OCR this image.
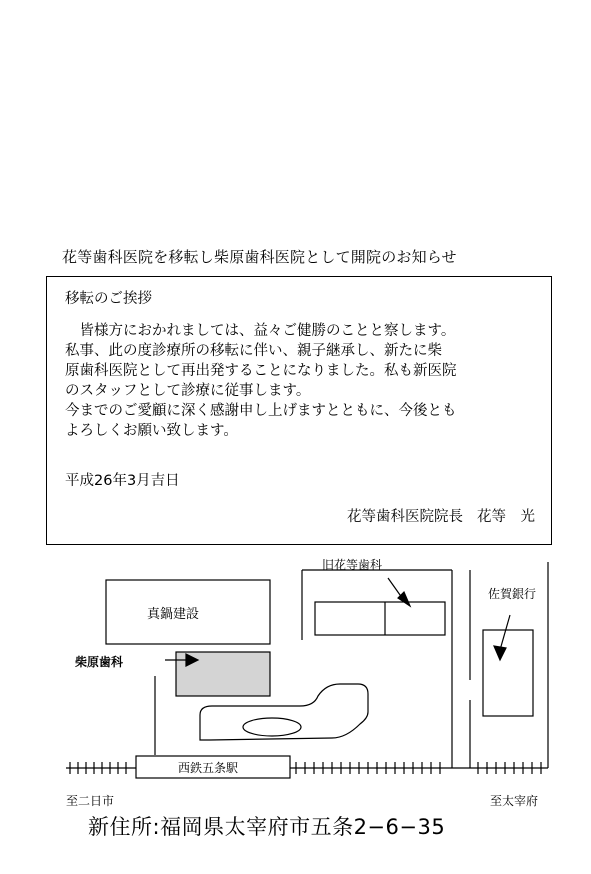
花等歯科医院を移転し柴原歯科医院として開院のお知らせ
移転のご挨拶
　皆様方におかれましては、益々ご健勝のことと察します。
私事、此の度診療所の移転に伴い、親子継承し、新たに柴
原歯科医院として再出発することになりました。私も新医院
のスタッフとして診療に従事します。
今までのご愛顧に深く感謝申し上げますとともに、今後とも
よろしくお願い致します。
平成26年3月吉日
花等歯科医院院長 花等　光
旧花等歯科
佐賀銀行
真鍋建設
柴原歯科
西鉄五条駅
至二日市	至太宰府
新住所:福岡県太宰府市五条2−6−35
